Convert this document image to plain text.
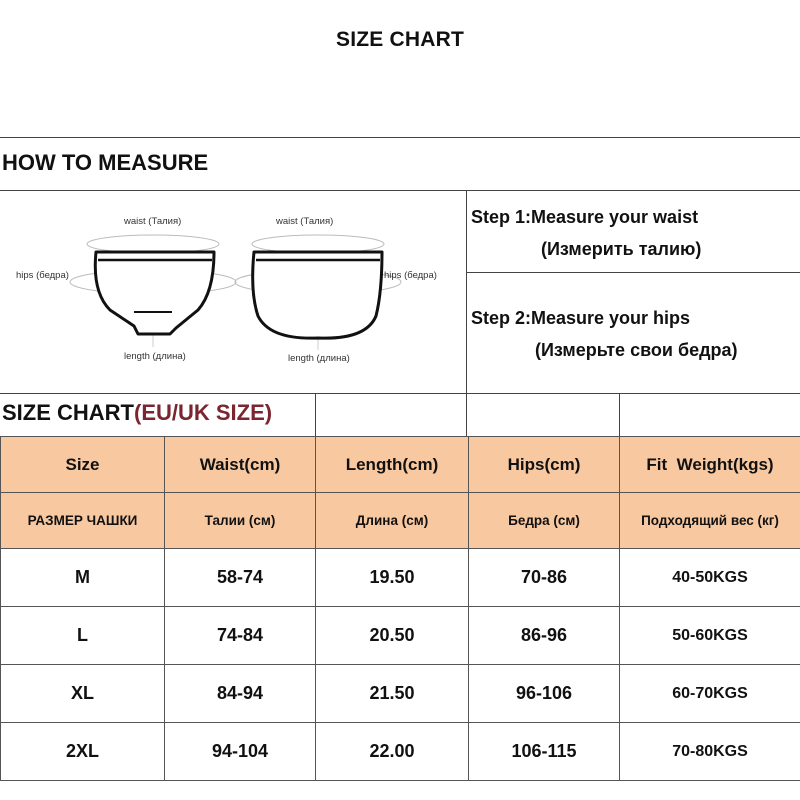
SIZE CHART
HOW TO MEASURE
waist (Талия)
hips (бедра)
length (длина)
waist (Талия)
hips (бедра)
length (длина)
Step 1:Measure your waist
(Измерить талию)
Step 2:Measure your hips
(Измерьте свои бедра)
SIZE CHART(EU/UK SIZE)
Size	Waist(cm)	Length(cm)	Hips(cm)	Fit  Weight(kgs)
РАЗМЕР ЧАШКИ	Талии (см)	Длина (см)	Бедра (см)	Подходящий вес (кг)
M	58-74	19.50	70-86	40-50KGS
L	74-84	20.50	86-96	50-60KGS
XL	84-94	21.50	96-106	60-70KGS
2XL	94-104	22.00	106-115	70-80KGS
